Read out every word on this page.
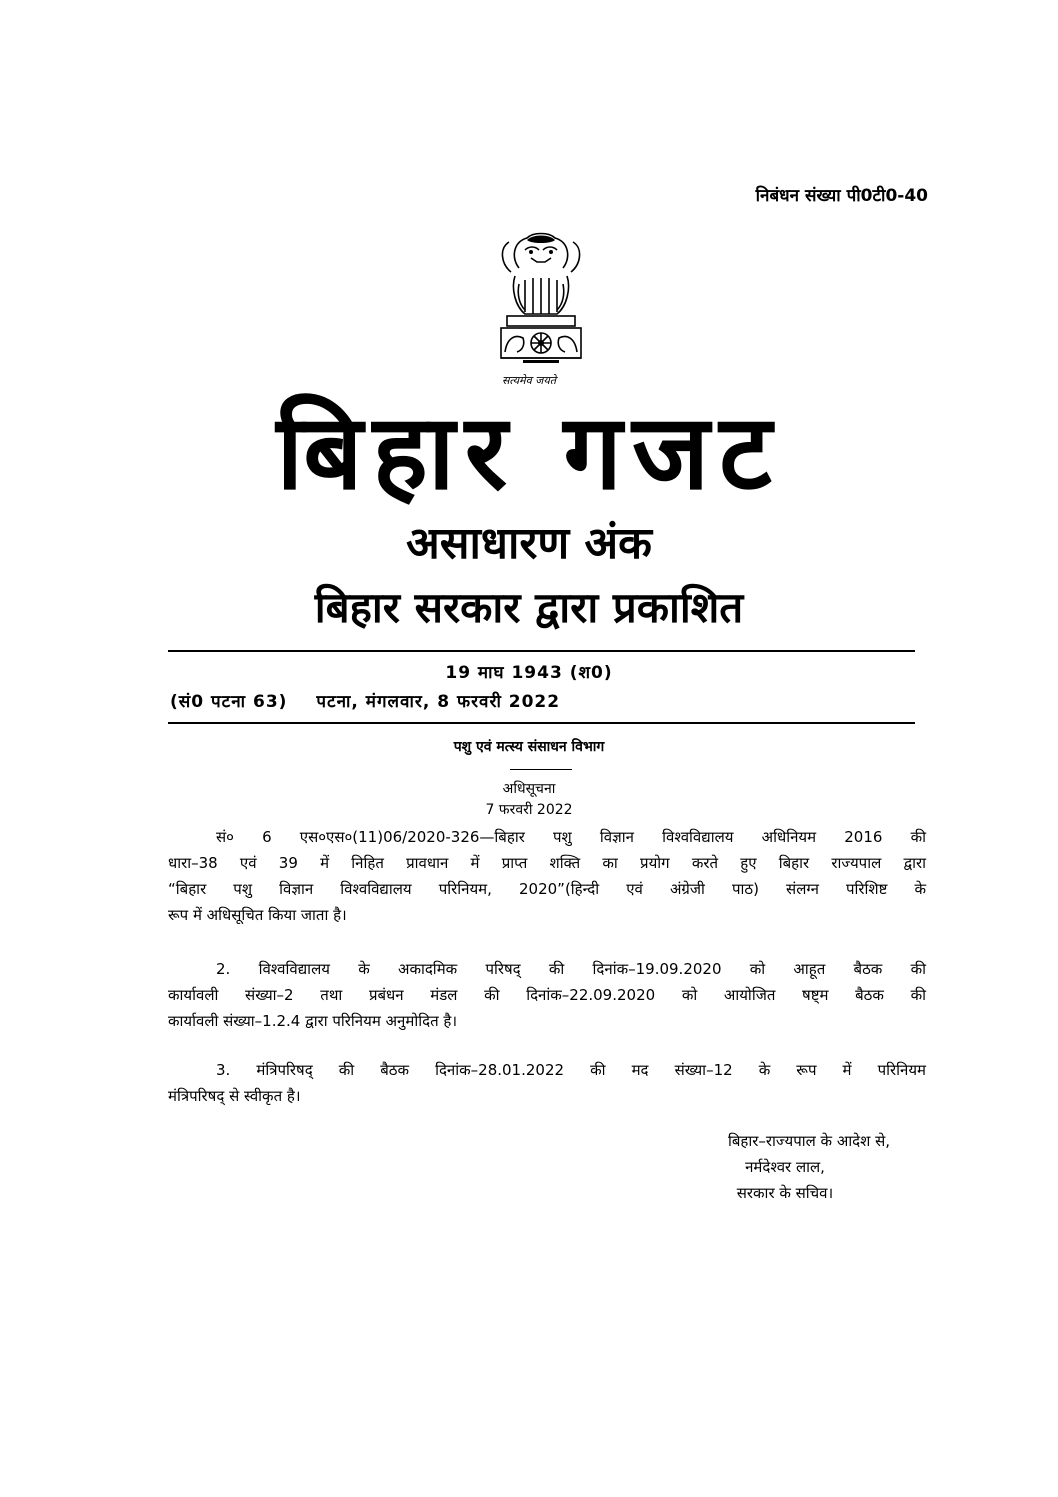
निबंधन संख्या पी0टी0-40
सत्यमेव जयते
बिहार गजट
असाधारण अंक
बिहार सरकार द्वारा प्रकाशित
19 माघ 1943 (श0)
(सं0 पटना 63) पटना, मंगलवार, 8 फरवरी 2022
पशु एवं मत्स्य संसाधन विभाग
अधिसूचना
7 फरवरी 2022
सं० 6 एस०एस०(11)06/2020-326—बिहार पशु विज्ञान विश्वविद्यालय अधिनियम 2016 की
धारा–38 एवं 39 में निहित प्रावधान में प्राप्त शक्ति का प्रयोग करते हुए बिहार राज्यपाल द्वारा
“बिहार पशु विज्ञान विश्वविद्यालय परिनियम, 2020”(हिन्दी एवं अंग्रेजी पाठ) संलग्न परिशिष्ट के
रूप में अधिसूचित किया जाता है।
2. विश्वविद्यालय के अकादमिक परिषद् की दिनांक–19.09.2020 को आहूत बैठक की
कार्यावली संख्या–2 तथा प्रबंधन मंडल की दिनांक–22.09.2020 को आयोजित षष्ट्म बैठक की
कार्यावली संख्या–1.2.4 द्वारा परिनियम अनुमोदित है।
3. मंत्रिपरिषद् की बैठक दिनांक–28.01.2022 की मद संख्या–12 के रूप में परिनियम
मंत्रिपरिषद् से स्वीकृत है।
बिहार–राज्यपाल के आदेश से,
नर्मदेश्वर लाल,
सरकार के सचिव।
